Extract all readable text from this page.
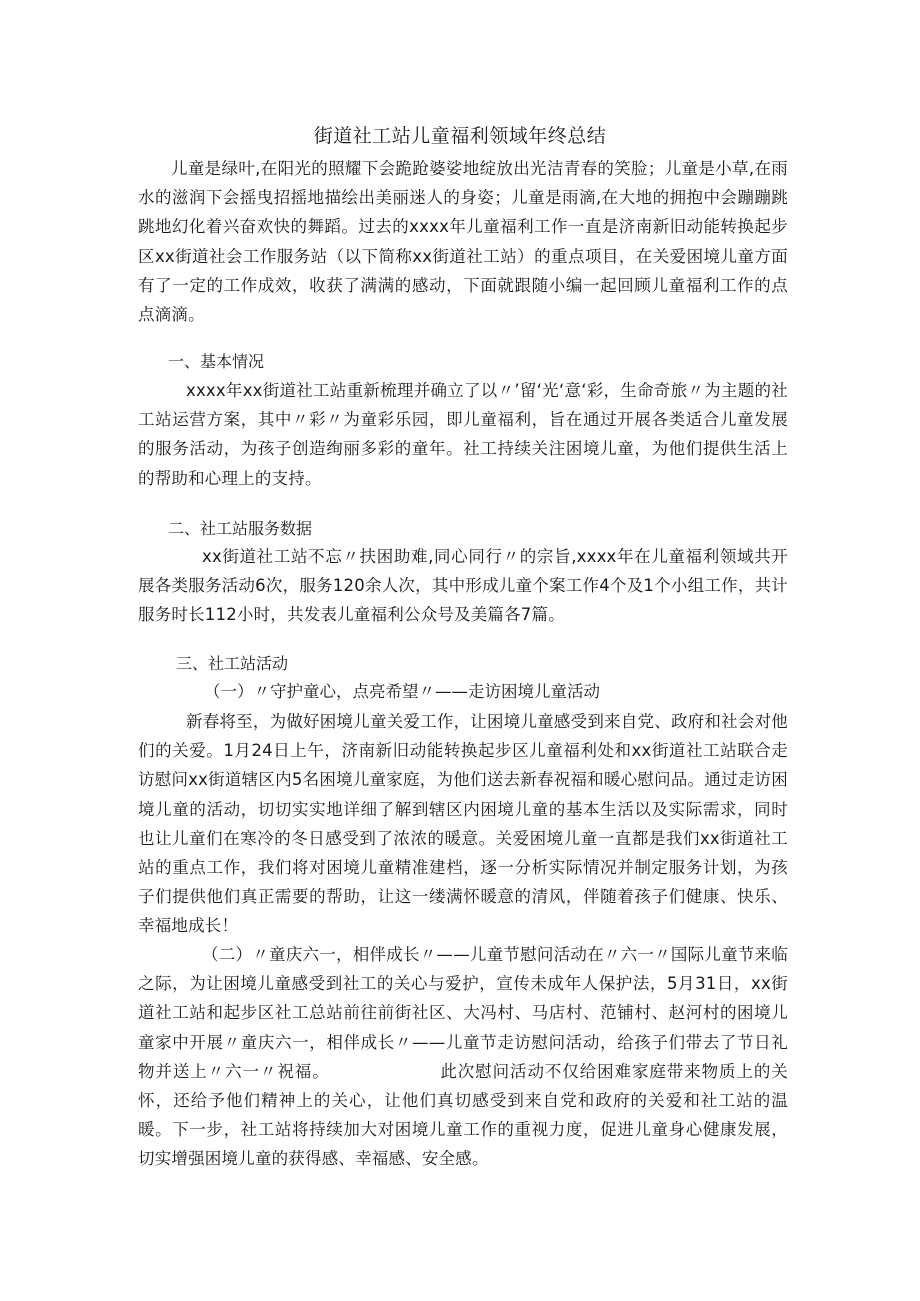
街道社工站儿童福利领域年终总结

儿童是绿叶,在阳光的照耀下会跪跄婆娑地绽放出光洁青春的笑脸；儿童是小草,在雨水的滋润下会摇曳招摇地描绘出美丽迷人的身姿；儿童是雨滴,在大地的拥抱中会蹦蹦跳跳地幻化着兴奋欢快的舞蹈。过去的xxxx年儿童福利工作一直是济南新旧动能转换起步区xx街道社会工作服务站（以下简称xx街道社工站）的重点项目，在关爱困境儿童方面有了一定的工作成效，收获了满满的感动，下面就跟随小编一起回顾儿童福利工作的点点滴滴。

一、基本情况

xxxx年xx街道社工站重新梳理并确立了以〃’留‘光‘意‘彩，生命奇旅〃为主题的社工站运营方案，其中〃彩〃为童彩乐园，即儿童福利，旨在通过开展各类适合儿童发展的服务活动，为孩子创造绚丽多彩的童年。社工持续关注困境儿童，为他们提供生活上的帮助和心理上的支持。

二、社工站服务数据

xx街道社工站不忘〃扶困助难,同心同行〃的宗旨,xxxx年在儿童福利领域共开展各类服务活动6次，服务120余人次，其中形成儿童个案工作4个及1个小组工作，共计服务时长112小时，共发表儿童福利公众号及美篇各7篇。

三、社工站活动

（一）〃守护童心，点亮希望〃——走访困境儿童活动

新春将至，为做好困境儿童关爱工作，让困境儿童感受到来自党、政府和社会对他们的关爱。1月24日上午，济南新旧动能转换起步区儿童福利处和xx街道社工站联合走访慰问xx街道辖区内5名困境儿童家庭，为他们送去新春祝福和暖心慰问品。通过走访困境儿童的活动，切切实实地详细了解到辖区内困境儿童的基本生活以及实际需求，同时也让儿童们在寒冷的冬日感受到了浓浓的暖意。关爱困境儿童一直都是我们xx街道社工站的重点工作，我们将对困境儿童精准建档，逐一分析实际情况并制定服务计划，为孩子们提供他们真正需要的帮助，让这一缕满怀暖意的清风，伴随着孩子们健康、快乐、幸福地成长！

（二）〃童庆六一，相伴成长〃——儿童节慰问活动在〃六一〃国际儿童节来临之际，为让困境儿童感受到社工的关心与爱护，宣传未成年人保护法，5月31日，xx街道社工站和起步区社工总站前往前街社区、大冯村、马店村、范铺村、赵河村的困境儿童家中开展〃童庆六一，相伴成长〃——儿童节走访慰问活动，给孩子们带去了节日礼物并送上〃六一〃祝福。	此次慰问活动不仅给困难家庭带来物质上的关怀，还给予他们精神上的关心，让他们真切感受到来自党和政府的关爱和社工站的温暖。下一步，社工站将持续加大对困境儿童工作的重视力度，促进儿童身心健康发展，切实增强困境儿童的获得感、幸福感、安全感。
